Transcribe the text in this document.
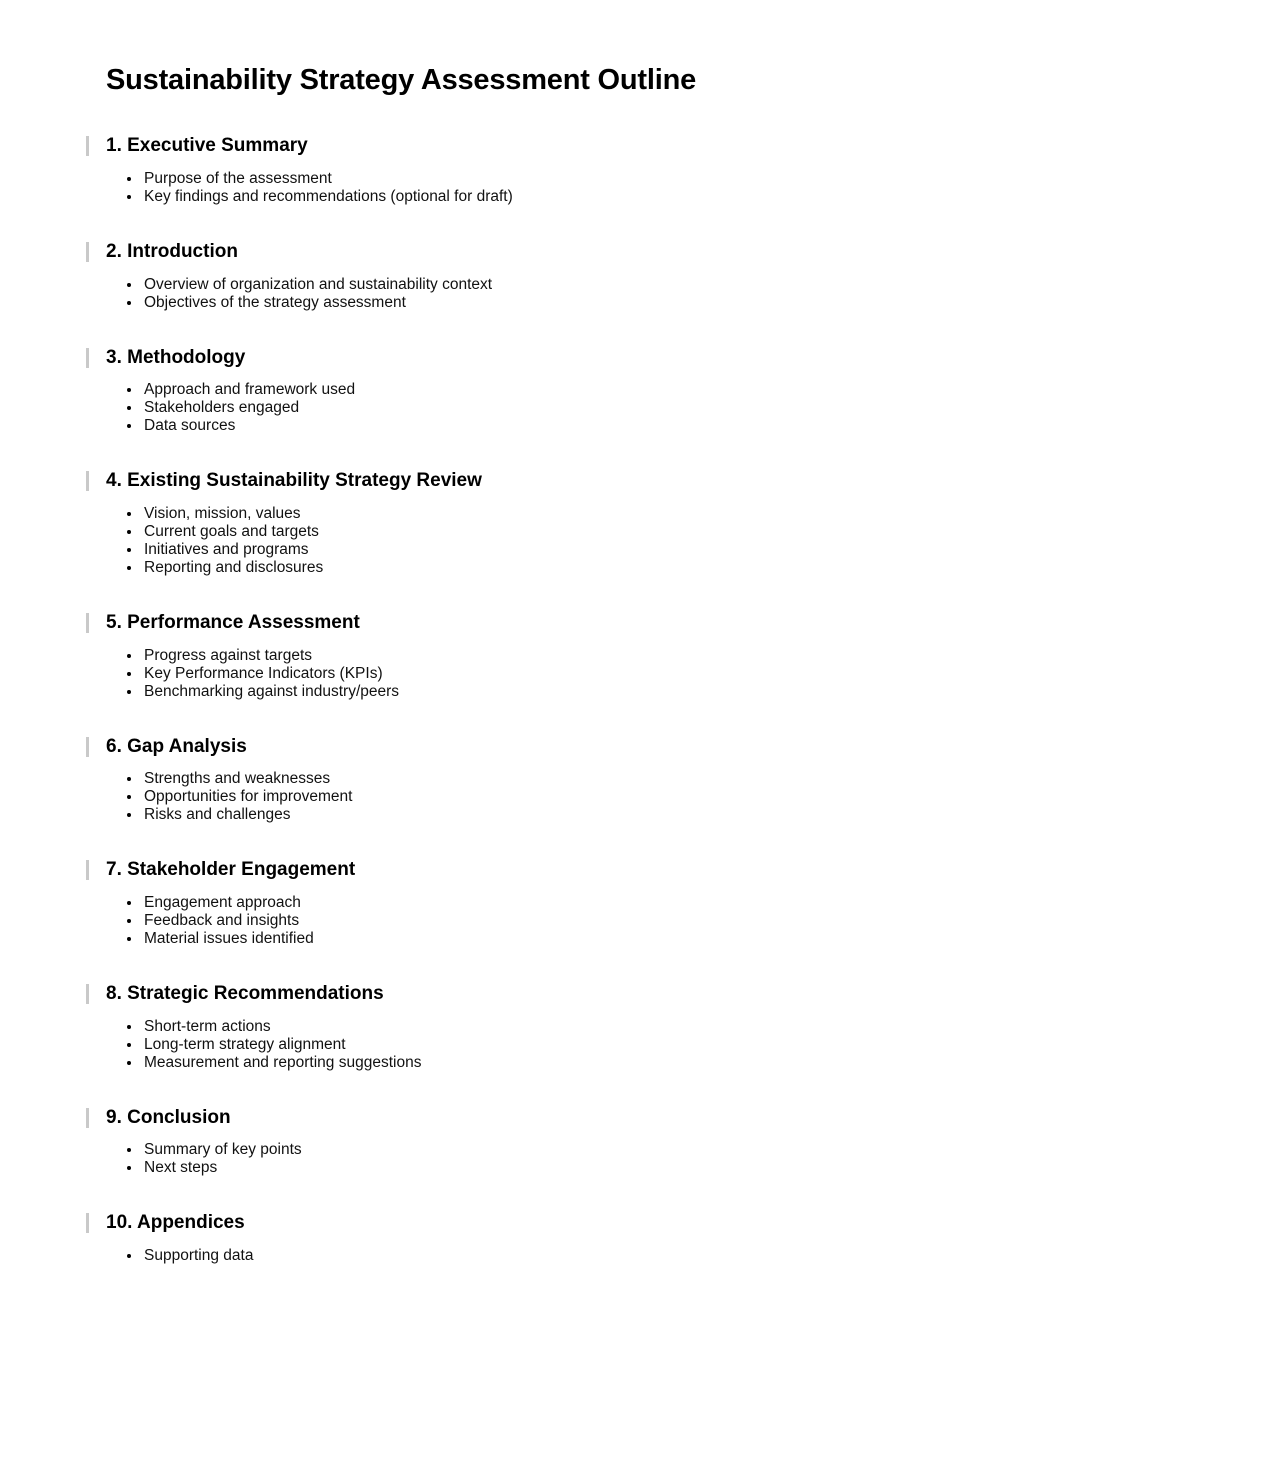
Sustainability Strategy Assessment Outline
1. Executive Summary
Purpose of the assessment
Key findings and recommendations (optional for draft)
2. Introduction
Overview of organization and sustainability context
Objectives of the strategy assessment
3. Methodology
Approach and framework used
Stakeholders engaged
Data sources
4. Existing Sustainability Strategy Review
Vision, mission, values
Current goals and targets
Initiatives and programs
Reporting and disclosures
5. Performance Assessment
Progress against targets
Key Performance Indicators (KPIs)
Benchmarking against industry/peers
6. Gap Analysis
Strengths and weaknesses
Opportunities for improvement
Risks and challenges
7. Stakeholder Engagement
Engagement approach
Feedback and insights
Material issues identified
8. Strategic Recommendations
Short-term actions
Long-term strategy alignment
Measurement and reporting suggestions
9. Conclusion
Summary of key points
Next steps
10. Appendices
Supporting data
